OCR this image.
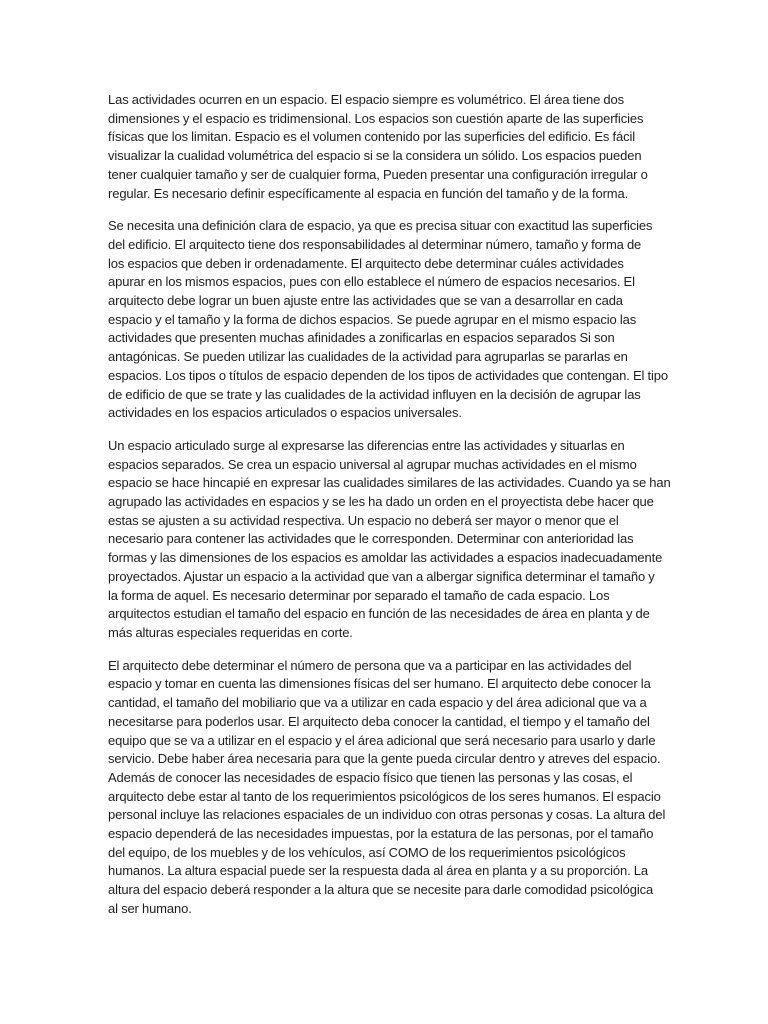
Las actividades ocurren en un espacio. El espacio siempre es volumétrico. El área tiene dos
dimensiones y el espacio es tridimensional. Los espacios son cuestión aparte de las superficies
físicas que los limitan. Espacio es el volumen contenido por las superficies del edificio. Es fácil
visualizar la cualidad volumétrica del espacio si se la considera un sólido. Los espacios pueden
tener cualquier tamaño y ser de cualquier forma, Pueden presentar una configuración irregular o
regular. Es necesario definir específicamente al espacia en función del tamaño y de la forma.

Se necesita una definición clara de espacio, ya que es precisa situar con exactitud las superficies
del edificio. El arquitecto tiene dos responsabilidades al determinar número, tamaño y forma de
los espacios que deben ir ordenadamente. El arquitecto debe determinar cuáles actividades
apurar en los mismos espacios, pues con ello establece el número de espacios necesarios. El
arquitecto debe lograr un buen ajuste entre las actividades que se van a desarrollar en cada
espacio y el tamaño y la forma de dichos espacios. Se puede agrupar en el mismo espacio las
actividades que presenten muchas afinidades a zonificarlas en espacios separados Si son
antagónicas. Se pueden utilizar las cualidades de la actividad para agruparlas se pararlas en
espacios. Los tipos o títulos de espacio dependen de los tipos de actividades que contengan. El tipo
de edificio de que se trate y las cualidades de la actividad influyen en la decisión de agrupar las
actividades en los espacios articulados o espacios universales.

Un espacio articulado surge al expresarse las diferencias entre las actividades y situarlas en
espacios separados. Se crea un espacio universal al agrupar muchas actividades en el mismo
espacio se hace hincapié en expresar las cualidades similares de las actividades. Cuando ya se han
agrupado las actividades en espacios y se les ha dado un orden en el proyectista debe hacer que
estas se ajusten a su actividad respectiva. Un espacio no deberá ser mayor o menor que el
necesario para contener las actividades que le corresponden. Determinar con anterioridad las
formas y las dimensiones de los espacios es amoldar las actividades a espacios inadecuadamente
proyectados. Ajustar un espacio a la actividad que van a albergar significa determinar el tamaño y
la forma de aquel. Es necesario determinar por separado el tamaño de cada espacio. Los
arquitectos estudian el tamaño del espacio en función de las necesidades de área en planta y de
más alturas especiales requeridas en corte.

El arquitecto debe determinar el número de persona que va a participar en las actividades del
espacio y tomar en cuenta las dimensiones físicas del ser humano. El arquitecto debe conocer la
cantidad, el tamaño del mobiliario que va a utilizar en cada espacio y del área adicional que va a
necesitarse para poderlos usar. El arquitecto deba conocer la cantidad, el tiempo y el tamaño del
equipo que se va a utilizar en el espacio y el área adicional que será necesario para usarlo y darle
servicio. Debe haber área necesaria para que la gente pueda circular dentro y atreves del espacio.
Además de conocer las necesidades de espacio físico que tienen las personas y las cosas, el
arquitecto debe estar al tanto de los requerimientos psicológicos de los seres humanos. El espacio
personal incluye las relaciones espaciales de un individuo con otras personas y cosas. La altura del
espacio dependerá de las necesidades impuestas, por la estatura de las personas, por el tamaño
del equipo, de los muebles y de los vehículos, así COMO de los requerimientos psicológicos
humanos. La altura espacial puede ser la respuesta dada al área en planta y a su proporción. La
altura del espacio deberá responder a la altura que se necesite para darle comodidad psicológica
al ser humano.
